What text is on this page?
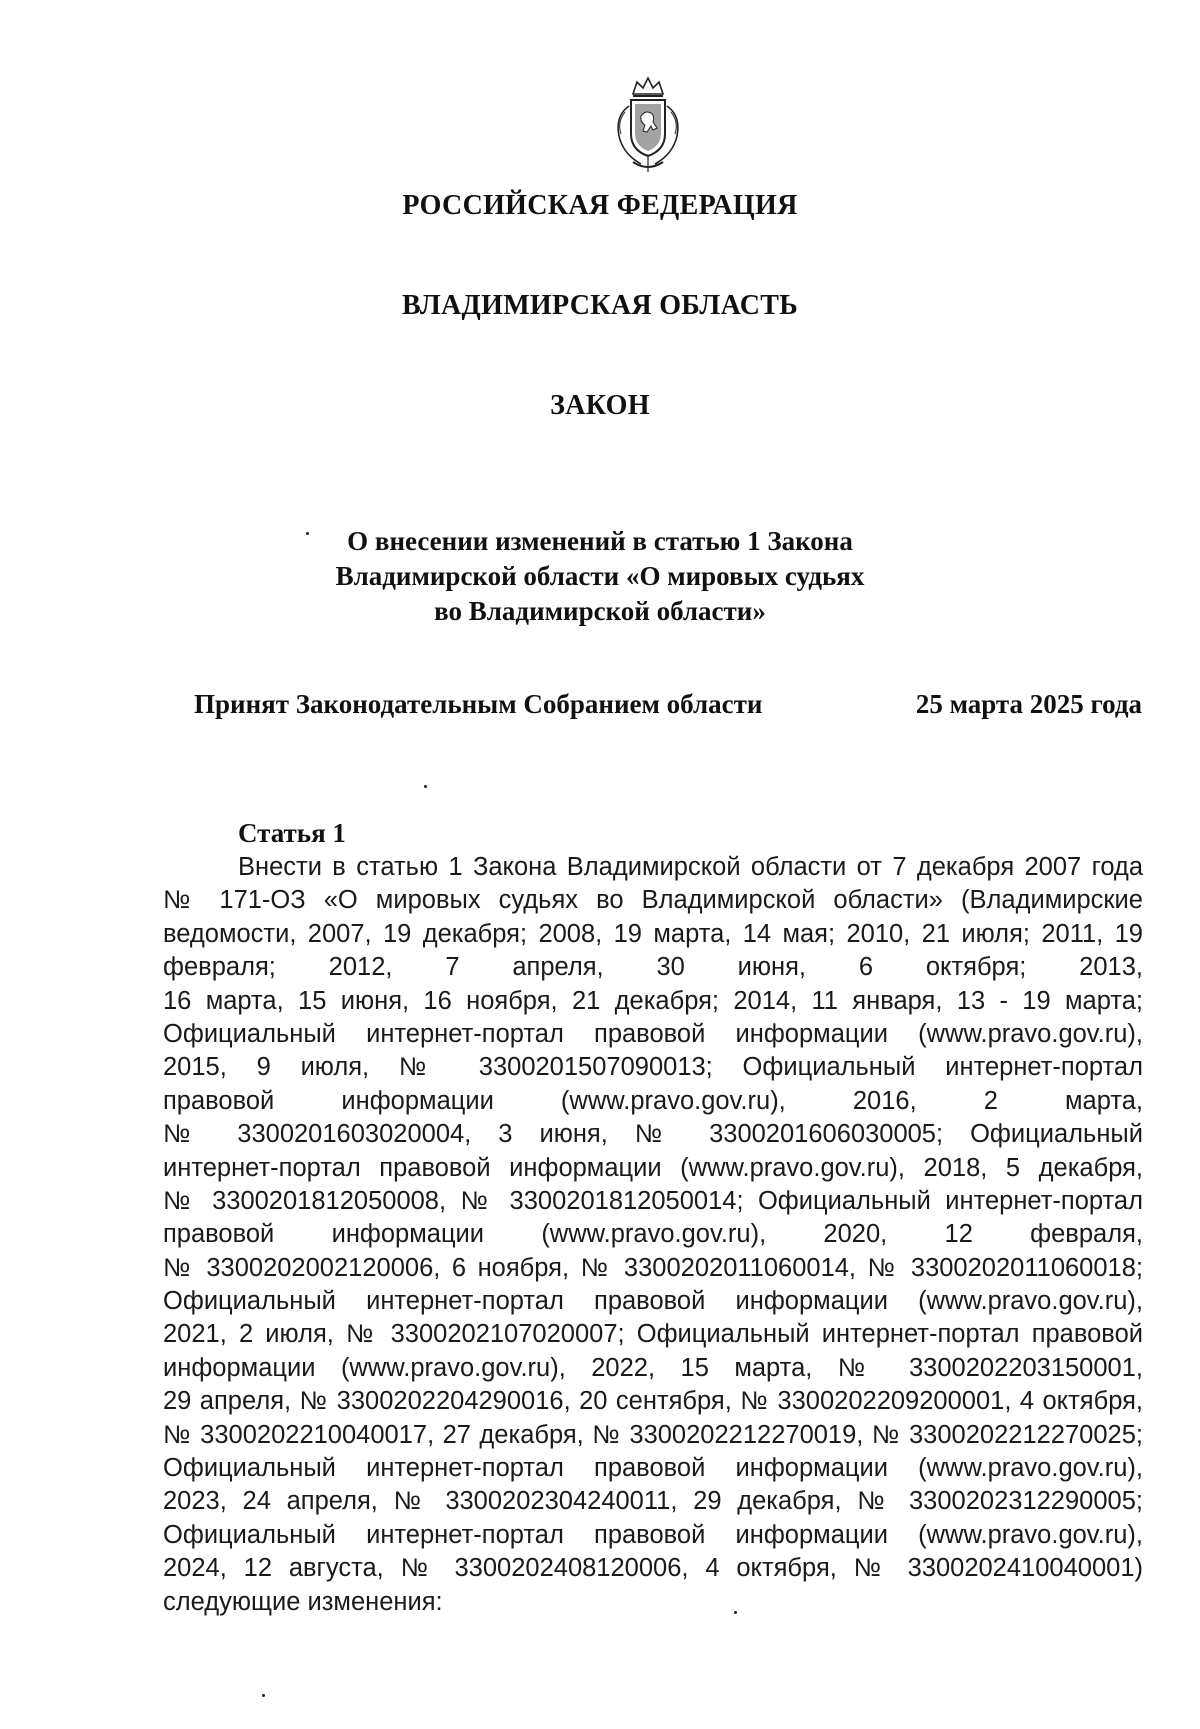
РОССИЙСКАЯ ФЕДЕРАЦИЯ
ВЛАДИМИРСКАЯ ОБЛАСТЬ
ЗАКОН
О внесении изменений в статью 1 Закона
Владимирской области «О мировых судьях
во Владимирской области»
Принят Законодательным Собранием области	25 марта 2025 года
Статья 1
Внести в статью 1 Закона Владимирской области от 7 декабря 2007 года
№ 171-ОЗ «О мировых судьях во Владимирской области» (Владимирские
ведомости, 2007, 19 декабря; 2008, 19 марта, 14 мая; 2010, 21 июля; 2011, 19
февраля; 2012, 7 апреля, 30 июня, 6 октября; 2013,
16 марта, 15 июня, 16 ноября, 21 декабря; 2014, 11 января, 13 - 19 марта;
Официальный интернет-портал правовой информации (www.pravo.gov.ru),
2015, 9 июля, № 3300201507090013; Официальный интернет-портал
правовой информации (www.pravo.gov.ru), 2016, 2 марта,
№ 3300201603020004, 3 июня, № 3300201606030005; Официальный
интернет-портал правовой информации (www.pravo.gov.ru), 2018, 5 декабря,
№ 3300201812050008, № 3300201812050014; Официальный интернет-портал
правовой информации (www.pravo.gov.ru), 2020, 12 февраля,
№ 3300202002120006, 6 ноября, № 3300202011060014, № 3300202011060018;
Официальный интернет-портал правовой информации (www.pravo.gov.ru),
2021, 2 июля, № 3300202107020007; Официальный интернет-портал правовой
информации (www.pravo.gov.ru), 2022, 15 марта, № 3300202203150001,
29 апреля, № 3300202204290016, 20 сентября, № 3300202209200001, 4 октября,
№ 3300202210040017, 27 декабря, № 3300202212270019, № 3300202212270025;
Официальный интернет-портал правовой информации (www.pravo.gov.ru),
2023, 24 апреля, № 3300202304240011, 29 декабря, № 3300202312290005;
Официальный интернет-портал правовой информации (www.pravo.gov.ru),
2024, 12 августа, № 3300202408120006, 4 октября, № 3300202410040001)
следующие изменения:
